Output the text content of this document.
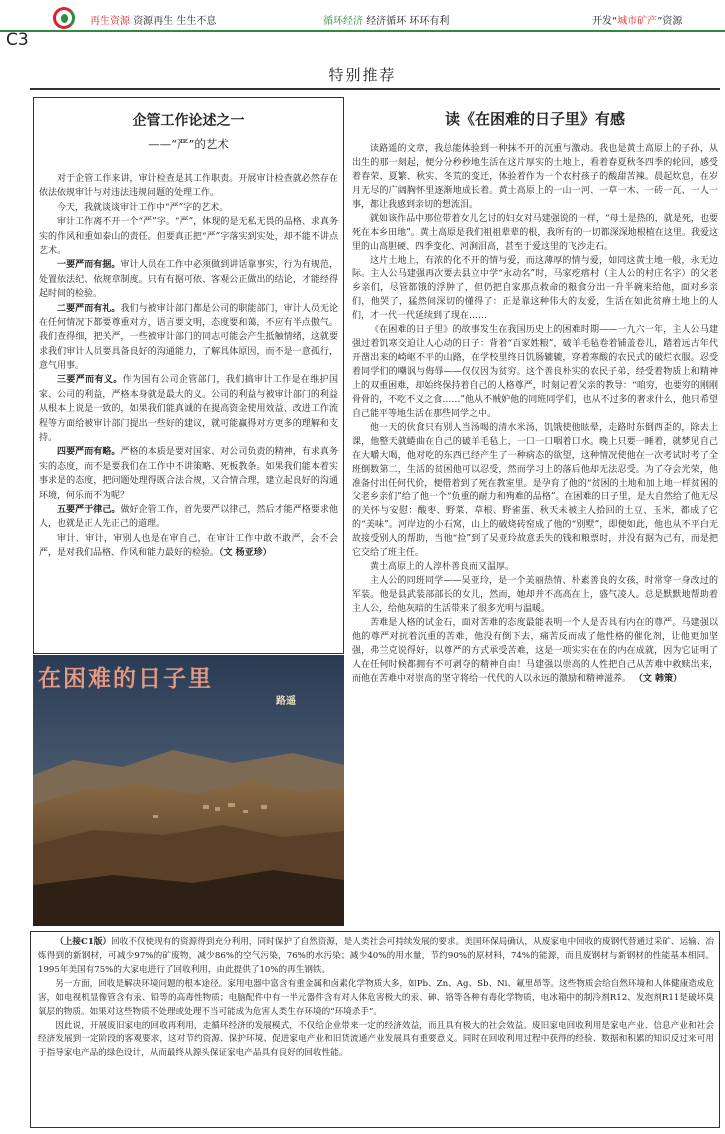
再生资源 资源再生 生生不息	循环经济 经济循环 环环有利	开发“城市矿产”资源
C3
特别推荐
企管工作论述之一
——“严”的艺术

对于企管工作来讲，审计检查是其工作职责。开展审计检查就必然存在依法依规审计与对违法违规问题的处理工作。

今天，我就谈谈审计工作中“严”字的艺术。

审计工作离不开一个“严”字。“严”，体现的是无私无畏的品格、求真务实的作风和重如泰山的责任。但要真正把“严”字落实到实处，却不能不讲点艺术。

一要严而有据。审计人员在工作中必须做到讲话靠事实，行为有规范，处置依法纪、依规章制度。只有有据可依、客观公正做出的结论，才能经得起时间的检验。

二要严而有礼。我们与被审计部门都是公司的职能部门，审计人员无论在任何情况下都要尊重对方，语言要文明，态度要和蔼，不应有半点傲气。我们查得细，把关严，一些被审计部门的同志可能会产生抵触情绪，这就要求我们审计人员要具备良好的沟通能力，了解具体原因，而不是一意孤行，意气用事。

三要严而有义。作为国有公司企管部门，我们搞审计工作是在维护国家、公司的利益，严格本身就是最大的义。公司的利益与被审计部门的利益从根本上说是一致的，如果我们能真诚的在提高资金使用效益、改进工作流程等方面给被审计部门提出一些好的建议，就可能赢得对方更多的理解和支持。

四要严而有略。严格的本质是要对国家、对公司负责的精神，有求真务实的态度，而不是要我们在工作中不讲策略、死板教条。如果我们能本着实事求是的态度，把问题处理得既合法合规，又合情合理，建立起良好的沟通环境，何乐而不为呢？

五要严于律己。做好企管工作，首先要严以律己，然后才能严格要求他人，也就是正人先正己的道理。

审计、审计，审别人也是在审自己，在审计工作中敢不敢严，会不会严，是对我们品格、作风和能力最好的检验。（文 杨亚珍）

在困难的日子里
路遥
读《在困难的日子里》有感

读路遥的文章，我总能体验到一种抹不开的沉重与激动。我也是黄土高原上的子孙，从出生的那一刻起，便分分秒秒地生活在这片厚实的土地上，看着春夏秋冬四季的轮回，感受着春荣、夏繁、秋实、冬荒的变迁，体验着作为一个农村孩子的酸甜苦辣。晨起炊息，在岁月无尽的广阔胸怀里逐渐地成长着。黄土高原上的一山一河、一草一木、一砖一瓦、一人一事，都让我感到亲切的想流泪。

就如该作品中那位带着女儿乞讨的妇女对马建强说的一样，“母土是热的，就是死，也要死在本乡田地”。黄土高原是我们祖祖辈辈的根，我所有的一切都深深地根植在这里。我爱这里的山高胆硬、四季变化、河涧泪高，甚至于爱这里的飞沙走石。

这片土地上，有浓的化不开的情与爱，而这薄厚的情与爱，如同这黄土地一般，永无边际。主人公马建强再次要去县立中学“永动名”时，马家疙瘩村（主人公的村庄名字）的父老乡亲们，尽管都饿的浮肿了，但仍把自家那点救命的粮食分出一升半碗来给他，面对乡亲们，他哭了，猛然间深切的懂得了：正是靠这种伟大的友爱，生活在如此贫瘠土地上的人们，才一代一代延续到了现在……

《在困难的日子里》的故事发生在我国历史上的困难时期——一九六一年，主人公马建强过着饥寒交迫让人心动的日子：背着“百家姓粮”，破羊毛毡卷着铺盖卷儿，踏着远古年代开凿出来的崎岖不平的山路，在学校里终日饥肠辘辘，穿着寒酸的农民式的破烂衣服。忍受着同学们的嘲讽与侮辱——仅仅因为贫穷。这个善良朴实的农民子弟，经受着物质上和精神上的双重困难，却始终保持着自己的人格尊严，时刻记着父亲的教导：“咱穷，也要穷的刚刚骨骨的，不吃不义之食……”他从不贼妒他的同班同学们，也从不过多的奢求什么，他只希望自己能平等地生活在那些同学之中。

他一天的伙食只有别人当汤喝的清水米汤，饥饿使他眩晕，走路时东倒西歪的，除去上课，他整天就蜷曲在自己的破羊毛毡上，一口一口咽着口水。晚上只要一睡着，就梦见自己在大嚼大喝，他对吃的东西已经产生了一种病态的欲望，这种情况使他在一次考试时考了全班倒数第二，生活的贫困他可以忍受，然而学习上的落后他却无法忍受。为了夺会光荣，他准备付出任何代价，便借着到了死在教室里。是孕育了他的“贫困的土地和加上地一样贫困的父老乡亲们”给了他一个“负重的耐力和殉难的品格”。在困难的日子里，是大自然给了他无尽的关怀与安慰：酸枣、野菜、草根、野雀蛋、秋天未被主人拾回的土豆、玉米，都成了它的“美味”。河岸边的小石窝，山上的破烧砖窑成了他的“别墅”，即便如此，他也从不平白无故接受别人的帮助，当他“捡”到了吴亚玲故意丢失的钱和粮票时，并没有据为己有，而是把它交给了班主任。

黄土高原上的人淳朴善良而又温厚。

主人公的同班同学——吴亚玲，是一个美丽热情、朴素善良的女孩，时常穿一身改过的军装。他是县武装部部长的女儿，然而，她却并不高高在上，盛气凌人。总是默默地帮助着主人公，给他灰暗的生活带来了很多光明与温暖。

苦难是人格的试金石，面对苦难的态度最能表明一个人是否具有内在的尊严。马建强以他的尊严对抗着沉重的苦难，他没有倒下去，痛苦反而成了他性格的催化剂，让他更加坚强，弗兰克说得好，以尊严的方式承受苦难，这是一项实实在在的内在成就，因为它证明了人在任何时候都拥有不可剥夺的精神自由！马建强以崇高的人性把自己从苦难中救赎出来，而他在苦难中对崇高的坚守将给一代代的人以永远的激励和精神滋养。 （文 韩策）

（上接C1版）回收不仅使现有的资源得到充分利用，同时保护了自然资源，是人类社会可持续发展的要求。美国环保局确认，从废家电中回收的废钢代替通过采矿、运输、冶炼得到的新钢材，可减少97%的矿废物，减少86%的空气污染，76%的水污染；减少40%的用水量，节约90%的原材料，74%的能源，而且废钢材与新钢材的性能基本相同。1995年美国有75%的大家电进行了回收利用，由此提供了10%的再生钢铁。

另一方面，回收是解决环境问题的根本途径。家用电器中富含有重金属和卤素化学物质大多，如Pb、Zn、Ag、Sb、Ni、氟里昂等。这些物质会给自然环境和人体健康造成危害，如电视机显像管含有汞、铅等的高毒性物质；电脑配件中有一半元器件含有对人体危害极大的汞、砷、铬等各种有毒化学物质，电冰箱中的制冷剂R12、发泡剂R11是破坏臭氧层的物质。如果对这些物质不处理或处理不当可能成为危害人类生存环境的“环境杀手”。

因此说，开展废旧家电的回收再利用，走循环经济的发展模式，不仅给企业带来一定的经济效益，而且具有极大的社会效益。废旧家电回收利用是家电产业、信息产业和社会经济发展到一定阶段的客观要求，这对节约资源、保护环境、促进家电产业和旧货流通产业发展具有重要意义。同时在回收利用过程中获得的经验、数据和积累的知识反过来可用于指导家电产品的绿色设计，从而最终从源头保证家电产品具有良好的回收性能。
